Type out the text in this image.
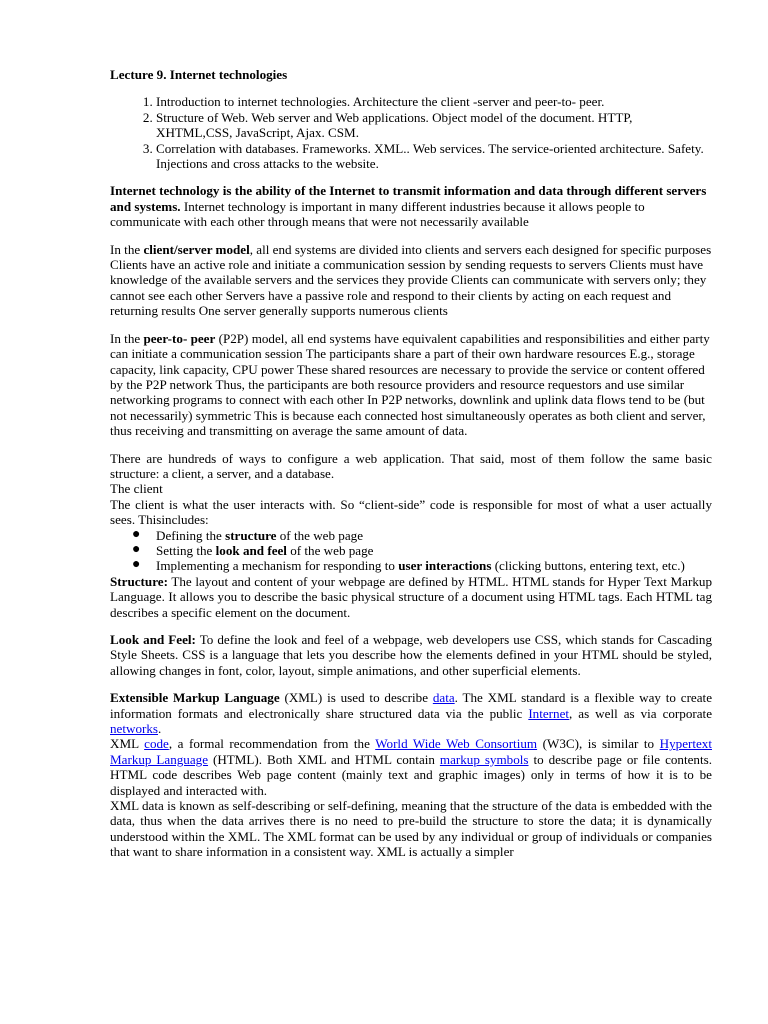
Lecture 9. Internet technologies

1. Introduction to internet technologies. Architecture the client -server and peer-to- peer.
2. Structure of Web. Web server and Web applications. Object model of the document. HTTP, XHTML,CSS, JavaScript, Ajax. CSM.
3. Correlation with databases. Frameworks. XML.. Web services. The service-oriented architecture. Safety. Injections and cross attacks to the website.

Internet technology is the ability of the Internet to transmit information and data through different servers and systems. Internet technology is important in many different industries because it allows people to communicate with each other through means that were not necessarily available

In the client/server model, all end systems are divided into clients and servers each designed for specific purposes Clients have an active role and initiate a communication session by sending requests to servers Clients must have knowledge of the available servers and the services they provide Clients can communicate with servers only; they cannot see each other Servers have a passive role and respond to their clients by acting on each request and returning results One server generally supports numerous clients

In the peer-to- peer (P2P) model, all end systems have equivalent capabilities and responsibilities and either party can initiate a communication session The participants share a part of their own hardware resources E.g., storage capacity, link capacity, CPU power These shared resources are necessary to provide the service or content offered by the P2P network Thus, the participants are both resource providers and resource requestors and use similar networking programs to connect with each other In P2P networks, downlink and uplink data flows tend to be (but not necessarily) symmetric This is because each connected host simultaneously operates as both client and server, thus receiving and transmitting on average the same amount of data.

There are hundreds of ways to configure a web application. That said, most of them follow the same basic structure: a client, a server, and a database.

The client

The client is what the user interacts with. So “client-side” code is responsible for most of what a user actually sees. Thisincludes:

● Defining the structure of the web page
● Setting the look and feel of the web page
● Implementing a mechanism for responding to user interactions (clicking buttons, entering text, etc.)

Structure: The layout and content of your webpage are defined by HTML. HTML stands for Hyper Text Markup Language. It allows you to describe the basic physical structure of a document using HTML tags. Each HTML tag describes a specific element on the document.

Look and Feel: To define the look and feel of a webpage, web developers use CSS, which stands for Cascading Style Sheets. CSS is a language that lets you describe how the elements defined in your HTML should be styled, allowing changes in font, color, layout, simple animations, and other superficial elements.

Extensible Markup Language (XML) is used to describe data. The XML standard is a flexible way to create information formats and electronically share structured data via the public Internet, as well as via corporate networks.

XML code, a formal recommendation from the World Wide Web Consortium (W3C), is similar to Hypertext Markup Language (HTML). Both XML and HTML contain markup symbols to describe page or file contents. HTML code describes Web page content (mainly text and graphic images) only in terms of how it is to be displayed and interacted with.

XML data is known as self-describing or self-defining, meaning that the structure of the data is embedded with the data, thus when the data arrives there is no need to pre-build the structure to store the data; it is dynamically understood within the XML. The XML format can be used by any individual or group of individuals or companies that want to share information in a consistent way. XML is actually a simpler
